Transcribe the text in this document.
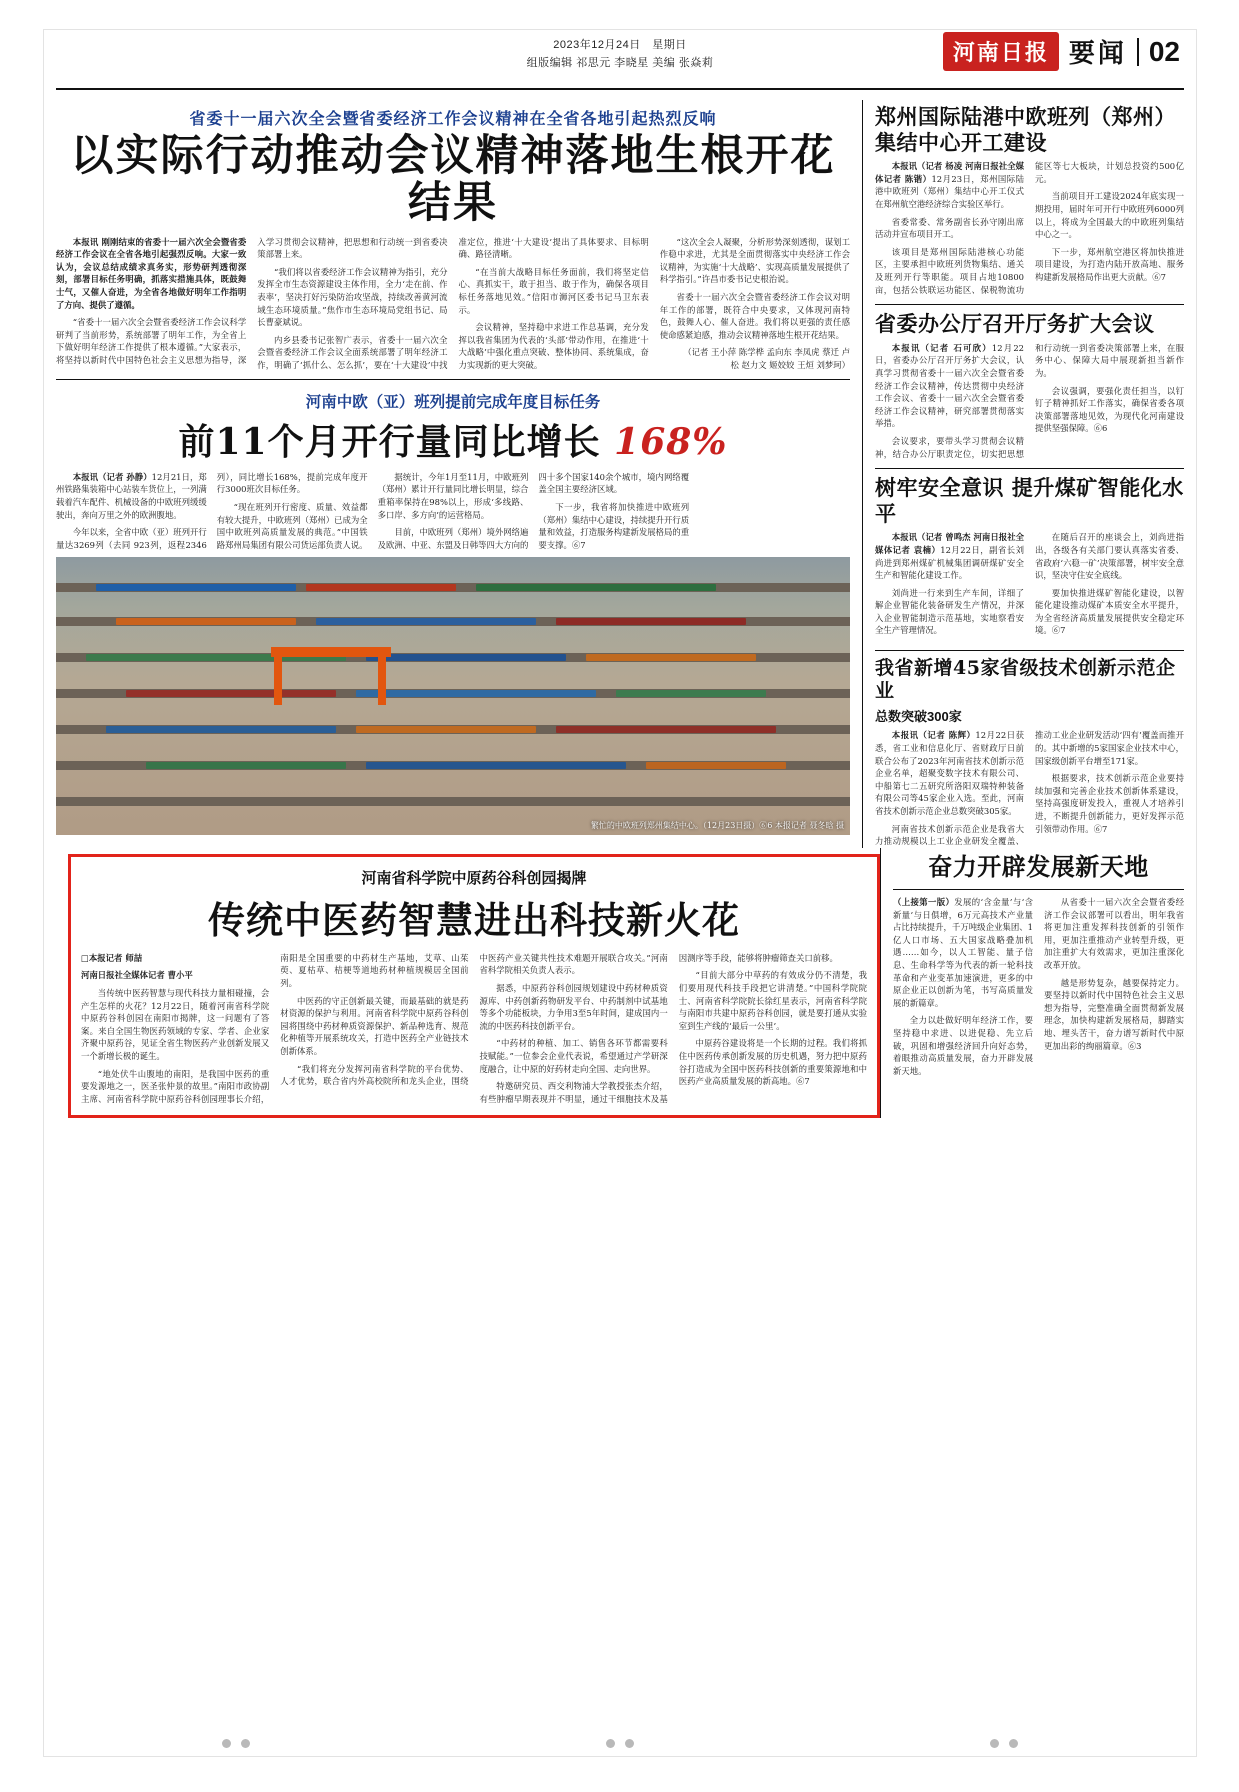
2023年12月24日　星期日
组版编辑 祁思元 李晓星 美编 张焱莉	河南日报 要闻 02
省委十一届六次全会暨省委经济工作会议精神在全省各地引起热烈反响
以实际行动推动会议精神落地生根开花结果

本报讯 刚刚结束的省委十一届六次全会暨省委经济工作会议在全省各地引起强烈反响。大家一致认为，会议总结成绩求真务实，形势研判透彻深刻，部署目标任务明确，抓落实措施具体，既鼓舞士气，又催人奋进，为全省各地做好明年工作指明了方向、提供了遵循。

“省委十一届六次全会暨省委经济工作会议科学研判了当前形势，系统部署了明年工作，为全省上下做好明年经济工作提供了根本遵循。”大家表示，将坚持以新时代中国特色社会主义思想为指导，深入学习贯彻会议精神，把思想和行动统一到省委决策部署上来。

“我们将以省委经济工作会议精神为指引，充分发挥全市生态资源建设主体作用，全力‘走在前、作表率’，坚决打好污染防治攻坚战，持续改善黄河流域生态环境质量。”焦作市生态环境局党组书记、局长曹豪斌说。

内乡县委书记张智广表示，省委十一届六次全会暨省委经济工作会议全面系统部署了明年经济工作，明确了‘抓什么、怎么抓’，要在‘十大建设’中找准定位，推进‘十大建设’提出了具体要求、目标明确、路径清晰。

“在当前大战略目标任务面前，我们将坚定信心、真抓实干，敢于担当、敢于作为，确保各项目标任务落地见效。”信阳市浉河区委书记马卫东表示。

会议精神，坚持稳中求进工作总基调，充分发挥以我省集团为代表的‘头部’带动作用，在推进‘十大战略’中强化重点突破、整体协同、系统集成，奋力实现新的更大突破。

“这次全会人凝聚，分析形势深刻透彻，谋划工作稳中求进，尤其是全面贯彻落实中央经济工作会议精神，为实施‘十大战略’、实现高质量发展提供了科学指引。”许昌市委书记史根治说。

省委十一届六次全会暨省委经济工作会议对明年工作的部署，既符合中央要求，又体现河南特色，鼓舞人心、催人奋进。我们将以更强的责任感使命感紧迫感，推动会议精神落地生根开花结果。

（记者 王小萍 陈学桦 孟向东 李凤虎 蔡迁 卢松 赵力文 姬姣姣 王烜 刘梦珂）

河南中欧（亚）班列提前完成年度目标任务
前11个月开行量同比增长 168%

本报讯（记者 孙静）12月21日，郑州铁路集装箱中心站装车货位上，一列满载着汽车配件、机械设备的中欧班列缓缓驶出，奔向万里之外的欧洲腹地。

今年以来，全省中欧（亚）班列开行量达3269列（去同 923列，返程2346列），同比增长168%，提前完成年度开行3000班次目标任务。

“现在班列开行密度、质量、效益都有较大提升，中欧班列（郑州）已成为全国中欧班列高质量发展的典范。”中国铁路郑州局集团有限公司货运部负责人说。

据统计，今年1月至11月，中欧班列（郑州）累计开行量同比增长明显，综合重箱率保持在98%以上，形成‘多线路、多口岸、多方向’的运营格局。

目前，中欧班列（郑州）境外网络遍及欧洲、中亚、东盟及日韩等四大方向的四十多个国家140余个城市，境内网络覆盖全国主要经济区域。

下一步，我省将加快推进中欧班列（郑州）集结中心建设，持续提升开行质量和效益，打造服务构建新发展格局的重要支撑。⑥7

繁忙的中欧班列郑州集结中心。（12月23日摄）⑥6 本报记者 聂冬晗 摄
郑州国际陆港中欧班列（郑州）集结中心开工建设

本报讯（记者 杨凌 河南日报社全媒体记者 陈锴）12月23日，郑州国际陆港中欧班列（郑州）集结中心开工仪式在郑州航空港经济综合实验区举行。

省委常委、常务副省长孙守刚出席活动并宣布项目开工。

该项目是郑州国际陆港核心功能区，主要承担中欧班列货物集结、通关及班列开行等职能。项目占地10800亩，包括公铁联运功能区、保税物流功能区等七大板块，计划总投资约500亿元。

当前项目开工建设2024年底实现一期投用，届时年可开行中欧班列6000列以上，将成为全国最大的中欧班列集结中心之一。

下一步，郑州航空港区将加快推进项目建设，为打造内陆开放高地、服务构建新发展格局作出更大贡献。⑥7

省委办公厅召开厅务扩大会议

本报讯（记者 石可欣）12月22日，省委办公厅召开厅务扩大会议，认真学习贯彻省委十一届六次全会暨省委经济工作会议精神，传达贯彻中央经济工作会议、省委十一届六次全会暨省委经济工作会议精神，研究部署贯彻落实举措。

会议要求，要带头学习贯彻会议精神，结合办公厅职责定位，切实把思想和行动统一到省委决策部署上来，在服务中心、保障大局中展现新担当新作为。

会议强调，要强化责任担当，以钉钉子精神抓好工作落实，确保省委各项决策部署落地见效，为现代化河南建设提供坚强保障。⑥6

树牢安全意识 提升煤矿智能化水平

本报讯（记者 曾鸣杰 河南日报社全媒体记者 袁楠）12月22日，副省长刘尚进到郑州煤矿机械集团调研煤矿安全生产和智能化建设工作。

刘尚进一行来到生产车间，详细了解企业智能化装备研发生产情况，并深入企业智能制造示范基地，实地察看安全生产管理情况。

在随后召开的座谈会上，刘尚进指出，各级各有关部门要认真落实省委、省政府‘六稳一矿’决策部署，树牢安全意识，坚决守住安全底线。

要加快推进煤矿智能化建设，以智能化建设推动煤矿本质安全水平提升，为全省经济高质量发展提供安全稳定环境。⑥7

我省新增45家省级技术创新示范企业
总数突破300家

本报讯（记者 陈辉）12月22日获悉，省工业和信息化厅、省财政厅日前联合公布了2023年河南省技术创新示范企业名单，超聚变数字技术有限公司、中船第七二五研究所洛阳双瑞特种装备有限公司等45家企业入选。至此，河南省技术创新示范企业总数突破305家。

河南省技术创新示范企业是我省大力推动规模以上工业企业研发全覆盖、推动工业企业研发活动‘四有’覆盖而推开的。其中新增的5家国家企业技术中心，国家级创新平台增至171家。

根据要求，技术创新示范企业要持续加强和完善企业技术创新体系建设，坚持高强度研发投入，重视人才培养引进，不断提升创新能力，更好发挥示范引领带动作用。⑥7

河南省科学院中原药谷科创园揭牌
传统中医药智慧进出科技新火花

□本报记者 师喆

河南日报社全媒体记者 曹小平

当传统中医药智慧与现代科技力量相碰撞，会产生怎样的火花？12月22日，随着河南省科学院中原药谷科创园在南阳市揭牌，这一问题有了答案。来自全国生物医药领域的专家、学者、企业家齐聚中原药谷，见证全省生物医药产业创新发展又一个新增长极的诞生。

“地处伏牛山腹地的南阳，是我国中医药的重要发源地之一，医圣张仲景的故里。”南阳市政协副主席、河南省科学院中原药谷科创园理事长介绍，南阳是全国重要的中药材生产基地，艾草、山茱萸、夏枯草、桔梗等道地药材种植规模居全国前列。

中医药的守正创新最关键，而最基础的就是药材资源的保护与利用。河南省科学院中原药谷科创园将围绕中药材种质资源保护、新品种选育、规范化种植等开展系统攻关，打造中医药全产业链技术创新体系。

“我们将充分发挥河南省科学院的平台优势、人才优势，联合省内外高校院所和龙头企业，围绕中医药产业关键共性技术难题开展联合攻关。”河南省科学院相关负责人表示。

据悉，中原药谷科创园规划建设中药材种质资源库、中药创新药物研发平台、中药制剂中试基地等多个功能板块，力争用3至5年时间，建成国内一流的中医药科技创新平台。

“中药材的种植、加工、销售各环节都需要科技赋能。”一位参会企业代表说，希望通过产学研深度融合，让中原的好药材走向全国、走向世界。

特邀研究员、西交利物浦大学教授张杰介绍，有些肿瘤早期表现并不明显，通过干细胞技术及基因测序等手段，能够将肿瘤筛查关口前移。

“目前大部分中草药的有效成分仍不清楚，我们要用现代科技手段把它讲清楚。”中国科学院院士、河南省科学院院长徐红星表示，河南省科学院与南阳市共建中原药谷科创园，就是要打通从实验室到生产线的‘最后一公里’。

中原药谷建设将是一个长期的过程。我们将抓住中医药传承创新发展的历史机遇，努力把中原药谷打造成为全国中医药科技创新的重要策源地和中医药产业高质量发展的新高地。⑥7

奋力开辟发展新天地

（上接第一版）发展的‘含金量’与‘含新量’与日俱增，6万元高技术产业量占比持续提升，千万吨级企业集团、1亿人口市场、五大国家战略叠加机遇……如今，以人工智能、量子信息、生命科学等为代表的新一轮科技革命和产业变革加速演进，更多的中原企业正以创新为笔，书写高质量发展的新篇章。

全力以赴做好明年经济工作，要坚持稳中求进、以进促稳、先立后破，巩固和增强经济回升向好态势，着眼推动高质量发展，奋力开辟发展新天地。

从省委十一届六次全会暨省委经济工作会议部署可以看出，明年我省将更加注重发挥科技创新的引领作用，更加注重推动产业转型升级，更加注重扩大有效需求，更加注重深化改革开放。

越是形势复杂，越要保持定力。要坚持以新时代中国特色社会主义思想为指导，完整准确全面贯彻新发展理念，加快构建新发展格局，脚踏实地、埋头苦干，奋力谱写新时代中原更加出彩的绚丽篇章。⑥3
